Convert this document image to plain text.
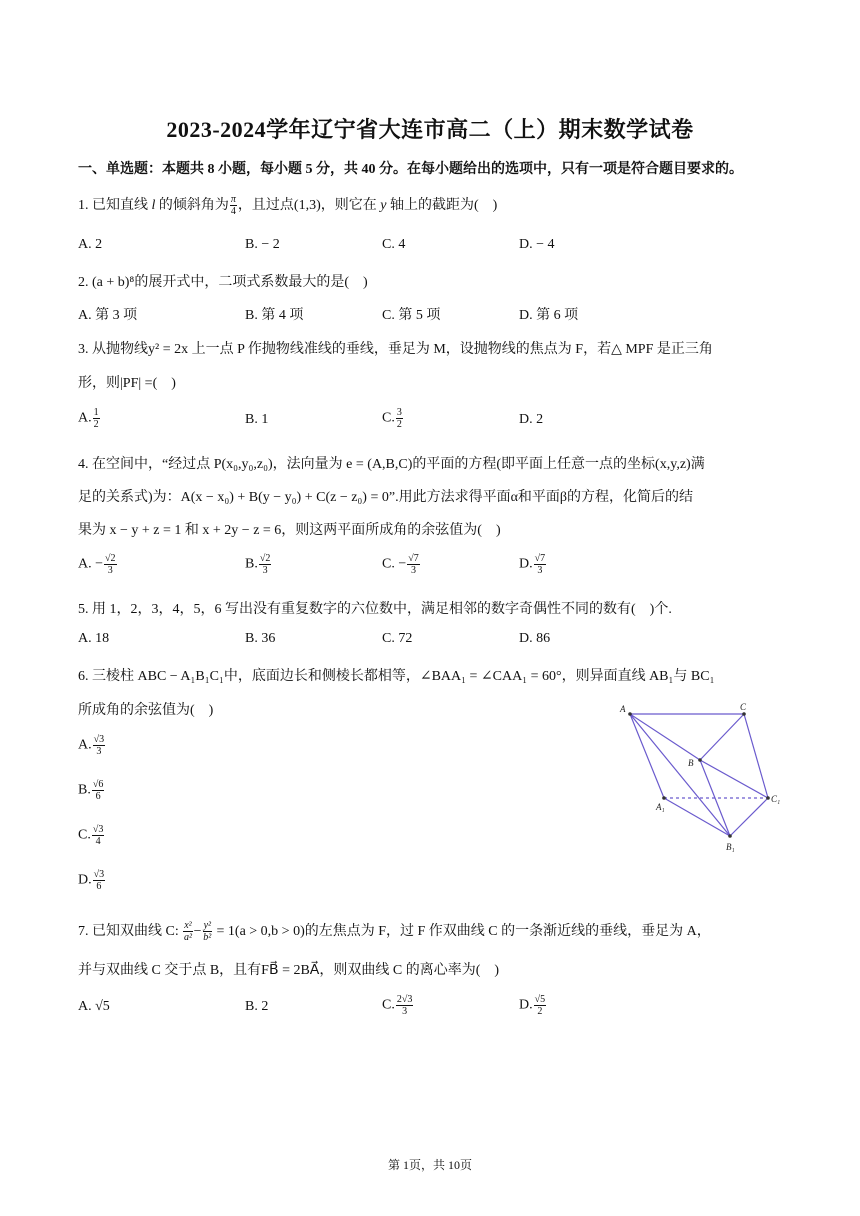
2023-2024学年辽宁省大连市高二（上）期末数学试卷
一、单选题：本题共 8 小题，每小题 5 分，共 40 分。在每小题给出的选项中，只有一项是符合题目要求的。
1. 已知直线 l 的倾斜角为 $\frac{\pi}{4}$ ，且过点(1,3)，则它在 y 轴上的截距为(　)
A. 2	B. − 2	C. 4	D. − 4
2. (a + b)⁸的展开式中，二项式系数最大的是(　)
A. 第 3 项	B. 第 4 项	C. 第 5 项	D. 第 6 项
3. 从抛物线y² = 2x 上一点 P 作抛物线准线的垂线，垂足为 M，设抛物线的焦点为 F，若△ MPF 是正三角
形，则|PF| =(　)
A. $\frac{1}{2}$	B. 1	C. $\frac{3}{2}$	D. 2
4. 在空间中，“经过点 P(x₀,y₀,z₀)，法向量为 e = (A,B,C)的平面的方程(即平面上任意一点的坐标(x,y,z)满
足的关系式)为：A(x − x₀) + B(y − y₀) + C(z − z₀) = 0”.用此方法求得平面α和平面β的方程，化简后的结
果为 x − y + z = 1 和 x + 2y − z = 6，则这两平面所成角的余弦值为(　)
A. − $\frac{√2}{3}$	B. $\frac{√2}{3}$	C. − $\frac{√7}{3}$	D. $\frac{√7}{3}$
5. 用 1，2，3，4，5，6 写出没有重复数字的六位数中，满足相邻的数字奇偶性不同的数有(　)个.
A. 18	B. 36	C. 72	D. 86
6. 三棱柱 ABC − A₁B₁C₁中，底面边长和侧棱长都相等，∠BAA₁ = ∠CAA₁ = 60°，则异面直线 AB₁与 BC₁
所成角的余弦值为(　)
A. $\frac{√3}{3}$
B. $\frac{√6}{6}$
C. $\frac{√3}{4}$
D. $\frac{√3}{6}$
A	C
B
A₁
C₁
B₁
7. 已知双曲线 C: $\frac{\text{x²}}{\text{a²}} - \frac{\text{y²}}{\text{b²}} = 1(a > 0,b > 0)$的左焦点为 F，过 F 作双曲线 C 的一条渐近线的垂线，垂足为 A，
并与双曲线 C 交于点 B，且有FB⃗ = 2BA⃗，则双曲线 C 的离心率为(　)
A. √5	B. 2	C. $\frac{2√3}{3}$	D. $\frac{√5}{2}$
第 1页，共 10页
